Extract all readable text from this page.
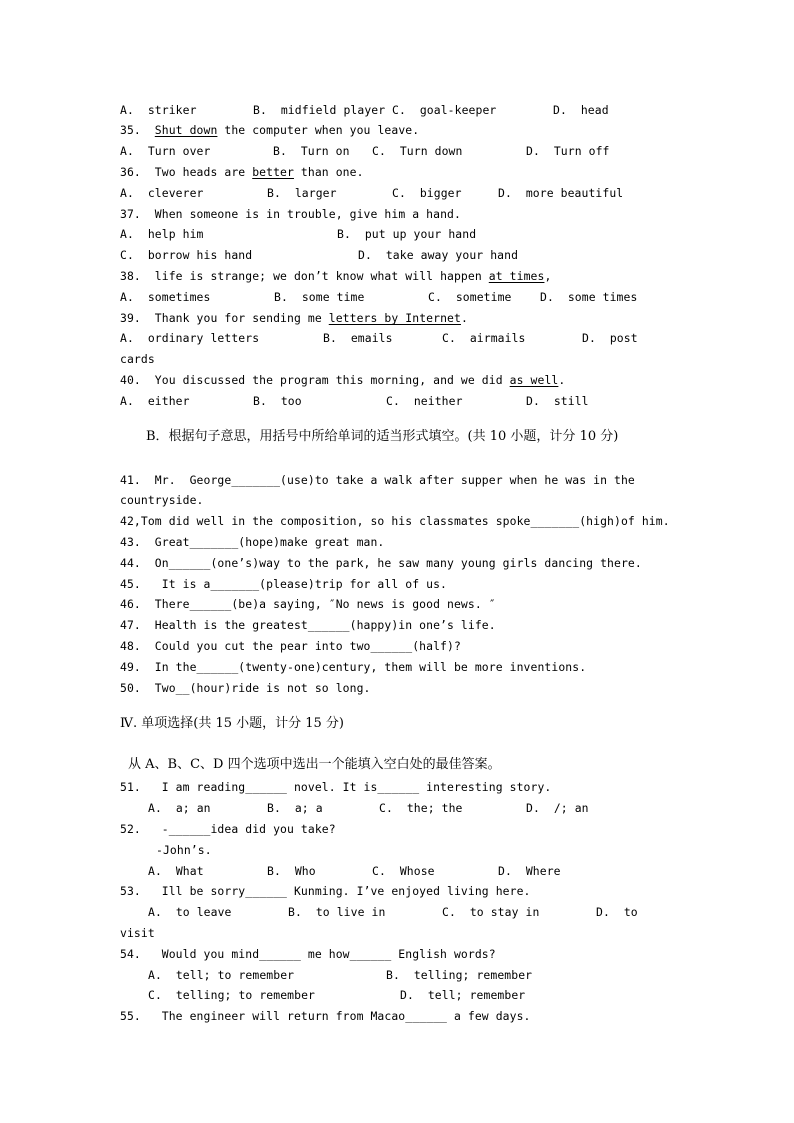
A.  striker	B.  midfield player C.  goal-keeper	D.  head
35. Shut down the computer when you leave.
A.  Turn over	B.  Turn on C.  Turn down	D.  Turn off
36. Two heads are better than one.
A.  cleverer	B.  larger	C.  bigger	D.  more beautiful
37. When someone is in trouble, give him a hand.
A.  help him	B.  put up your hand
C.  borrow his hand	D.  take away your hand
38. life is strange; we don’t know what will happen at times,
A.  sometimes	B.  some time	C.  sometime	D.  some times
39. Thank you for sending me letters by Internet.
A.  ordinary letters	B.  emails	C.  airmails	D.  post
cards
40. You discussed the program this morning, and we did as well.
A.  either	B.  too	C.  neither	D.  still
B．根据句子意思，用括号中所给单词的适当形式填空。(共 10 小题，计分 10 分)
41.  Mr.  George_______(use)to take a walk after supper when he was in the
countryside.
42,Tom did well in the composition, so his classmates spoke_______(high)of him.
43.  Great_______(hope)make great man.
44.  On______(one’s)way to the park, he saw many young girls dancing there.
45.   It is a_______(please)trip for all of us.
46.  There______(be)a saying, ″No news is good news. ″
47.  Health is the greatest______(happy)in one’s life.
48.  Could you cut the pear into two______(half)?
49.  In the______(twenty-one)century, them will be more inventions.
50.  Two__(hour)ride is not so long.
Ⅳ. 单项选择(共 15 小题，计分 15 分)
从 A、B、C、D 四个选项中选出一个能填入空白处的最佳答案。
51.   I am reading______ novel. It is______ interesting story.
A.  a; an	B.  a; a	C.  the; the	D.  /; an
52.   -______idea did you take?
-John’s.
A.  What	B.  Who	C.  Whose	D.  Where
53.   Ill be sorry______ Kunming. I’ve enjoyed living here.
A.  to leave	B.  to live in	C.  to stay in	D.  to
visit
54.   Would you mind______ me how______ English words?
A.  tell; to remember	B.  telling; remember
C.  telling; to remember	D.  tell; remember
55.   The engineer will return from Macao______ a few days.
